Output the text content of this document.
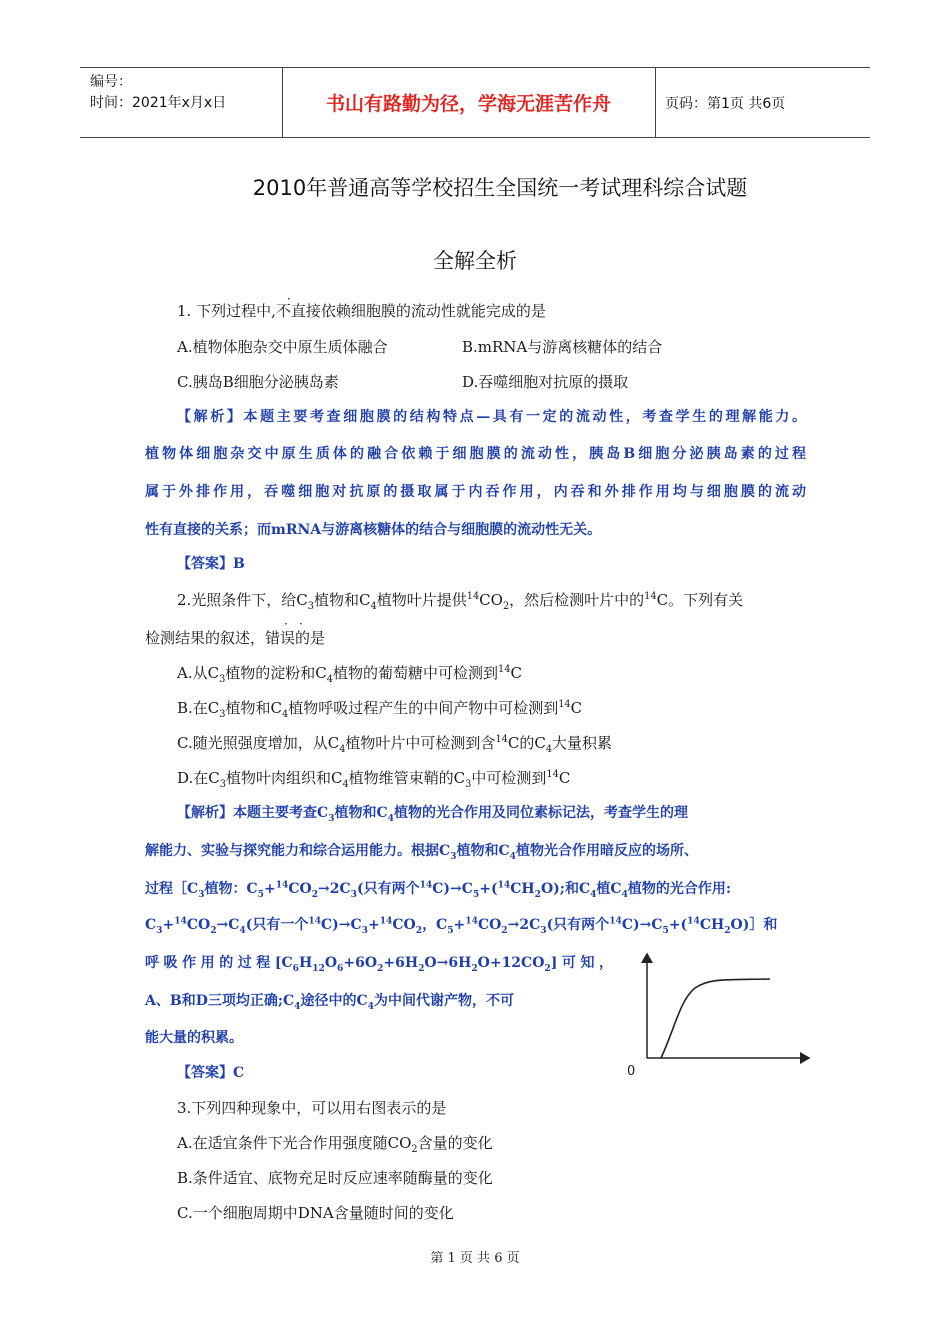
编号：
时间：2021年x月x日	书山有路勤为径，学海无涯苦作舟	页码：第1页 共6页
2010年普通高等学校招生全国统一考试理科综合试题
全解全析
·
1. 下列过程中,不直接依赖细胞膜的流动性就能完成的是
A.植物体胞杂交中原生质体融合	B.mRNA与游离核糖体的结合
C.胰岛B细胞分泌胰岛素	D.吞噬细胞对抗原的摄取
【解析】本题主要考查细胞膜的结构特点—具有一定的流动性，考查学生的理解能力。
植物体细胞杂交中原生质体的融合依赖于细胞膜的流动性，胰岛B细胞分泌胰岛素的过程
属于外排作用，吞噬细胞对抗原的摄取属于内吞作用，内吞和外排作用均与细胞膜的流动
性有直接的关系；而mRNA与游离核糖体的结合与细胞膜的流动性无关。
【答案】B
2.光照条件下，给$C_3$植物和$C_4$植物叶片提供$^{14}CO_2$，然后检测叶片中的$^{14}$C。下列有关
· ·
检测结果的叙述，错误的是
A.从$C_3$植物的淀粉和$C_4$植物的葡萄糖中可检测到$^{14}$C
B.在$C_3$植物和$C_4$植物呼吸过程产生的中间产物中可检测到$^{14}$C
C.随光照强度增加，从$C_4$植物叶片中可检测到含$^{14}$C的$C_4$大量积累
D.在$C_3$植物叶肉组织和$C_4$植物维管束鞘的$C_3$中可检测到$^{14}$C
【解析】本题主要考查$C_3$植物和$C_4$植物的光合作用及同位素标记法，考查学生的理
解能力、实验与探究能力和综合运用能力。根据$C_3$植物和$C_4$植物光合作用暗反应的场所、
过程$[C_3$植物：$C_5+^{14}CO_2\to 2C_3$(只有两个$^{14}C)\to C_5+(^{14}CH_2O)$;和$C_4$植$C_4$植物的光合作用:
$C_3+^{14}CO_2\to C_4$(只有一个$^{14}C)\to C_3+^{14}CO_2$，$C_5+^{14}CO_2\to 2C_3$(只有两个$^{14}C)\to C_5+(^{14}CH_2O)]$和
呼吸作用的过程$[C_6H_{12}O_6+6O_2+6H_2O\to 6H_2O+12CO_2]$可知，
A、B和D三项均正确$;C_4$途径中的$C_4$为中间代谢产物，不可
能大量的积累。
【答案】C	0
3.下列四种现象中，可以用右图表示的是
A.在适宜条件下光合作用强度随$CO_2$含量的变化
B.条件适宜、底物充足时反应速率随酶量的变化
C.一个细胞周期中DNA含量随时间的变化
第 1 页 共 6 页
